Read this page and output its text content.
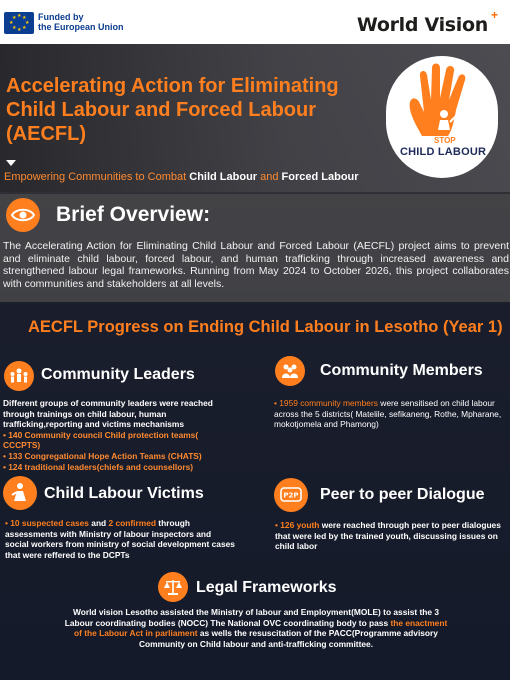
★ ★
★
★
★
★
★
★ Funded by
the European Union	World Vision +
Accelerating Action for Eliminating Child Labour and Forced Labour (AECFL)
Empowering Communities to Combat Child Labour and Forced Labour
STOP
CHILD LABOUR
Brief Overview:
The Accelerating Action for Eliminating Child Labour and Forced Labour (AECFL) project aims to prevent and eliminate child labour, forced labour, and human trafficking through increased awareness and strengthened labour legal frameworks. Running from May 2024 to October 2026, this project collaborates with communities and stakeholders at all levels.
AECFL Progress on Ending Child Labour in Lesotho (Year 1)
Community Leaders
Different groups of community leaders were reached through trainings on child labour, human trafficking,reporting and victims mechanisms
• 140 Community council Child protection teams( CCCPTS)
• 133 Congregational Hope Action Teams (CHATS)
• 124 traditional leaders(chiefs and counsellors)
Community Members
• 1959 community members were sensitised on child labour across the 5 districts( Matelile, sefikaneng, Rothe, Mpharane, mokotjomela and Phamong)
Child Labour Victims
• 10 suspected cases and 2 confirmed through assessments with Ministry of labour inspectors and social workers from ministry of social development cases that were reffered to the DCPTs
P2P Peer to peer Dialogue
• 126 youth were reached through peer to peer dialogues that were led by the trained youth, discussing issues on child labor
Legal Frameworks
World vision Lesotho assisted the Ministry of labour and Employment(MOLE) to assist the 3 Labour coordinating bodies (NOCC) The National OVC coordinating body to pass the enactment of the Labour Act in parliament as wells the resuscitation of the PACC(Programme advisory Community on Child labour and anti-trafficking committee.
